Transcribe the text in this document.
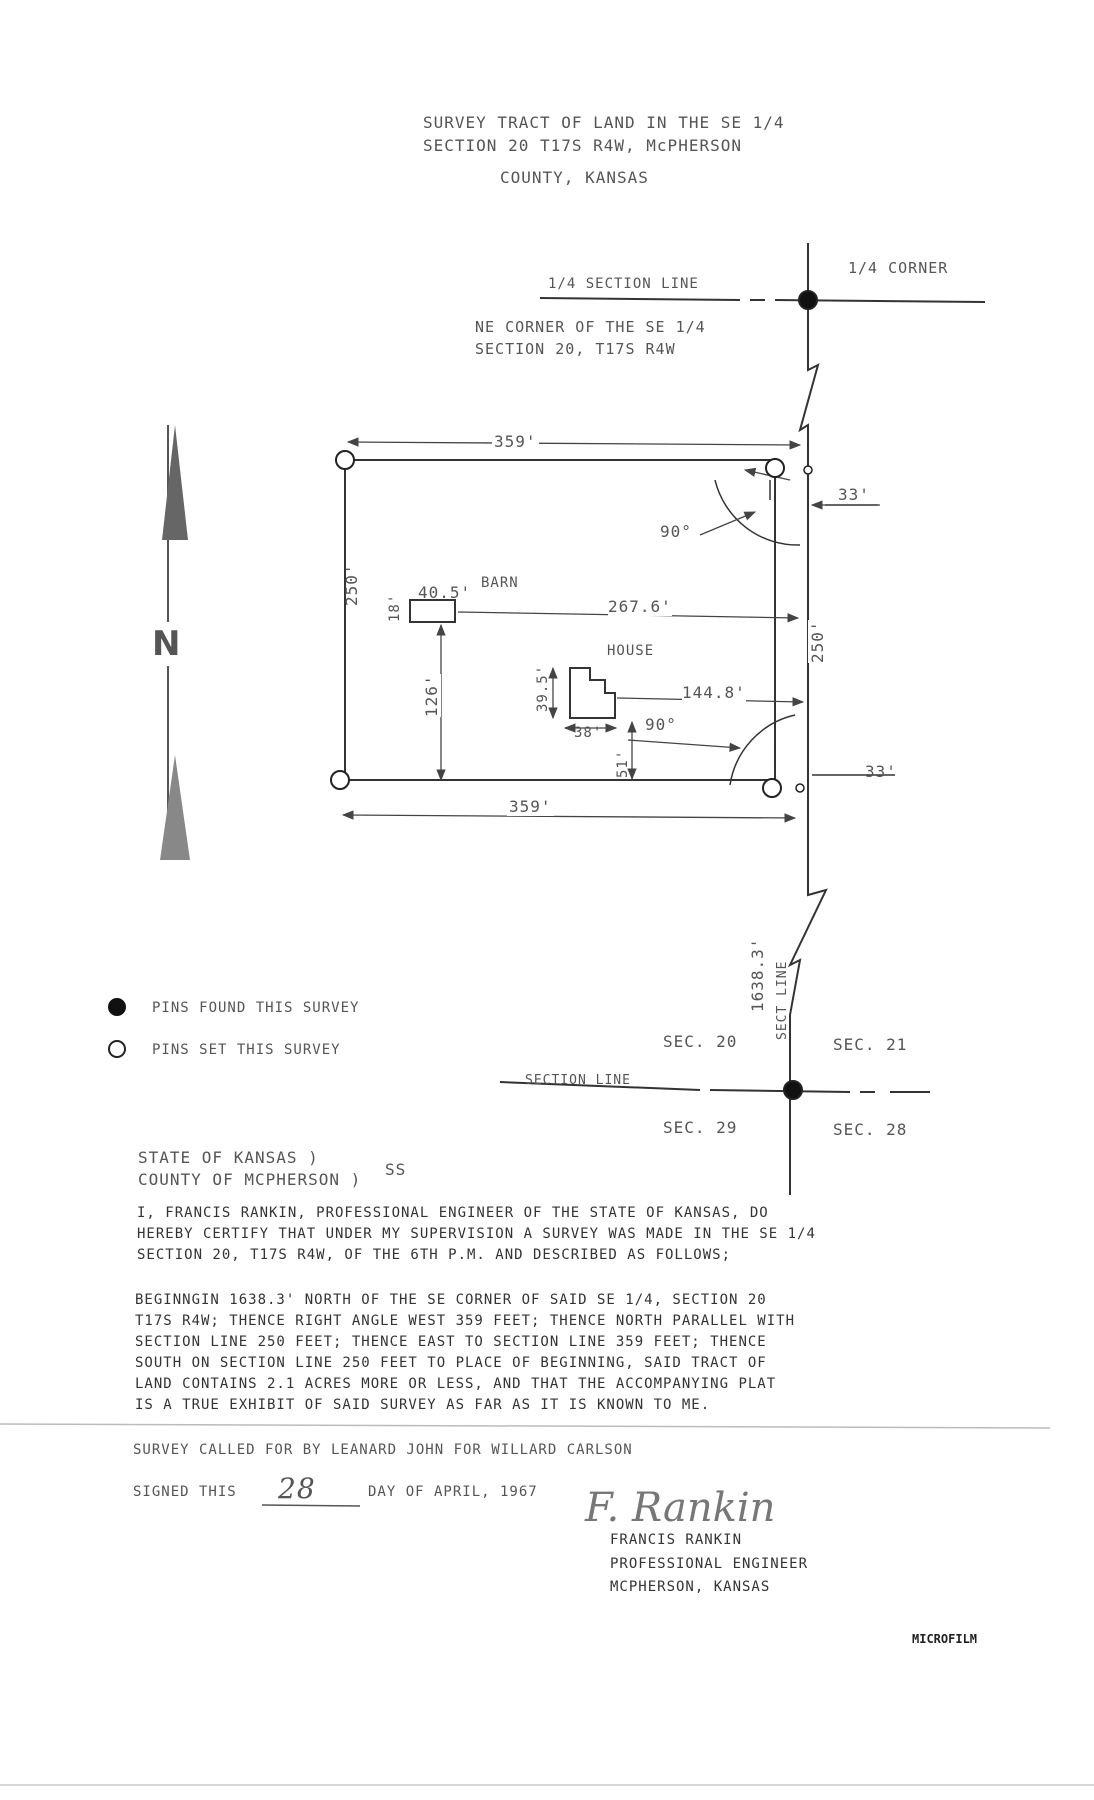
SURVEY TRACT OF LAND IN THE SE 1/4
SECTION 20 T17S R4W, McPHERSON
COUNTY, KANSAS
N
1/4 CORNER
1/4 SECTION LINE
NE CORNER OF THE SE 1/4
SECTION 20, T17S R4W
359'
359'
33'
33'
90°
90°
250'
250'
BARN
40.5'
18'	267.6'
126'
HOUSE
39.5'
38'
144.8'
51'
1638.3' SECT LINE
SECTION LINE
SEC. 20	SEC. 21
SEC. 29	SEC. 28
PINS FOUND THIS SURVEY
PINS SET THIS SURVEY
STATE OF KANSAS )
COUNTY OF MCPHERSON )
SS
I, FRANCIS RANKIN, PROFESSIONAL ENGINEER OF THE STATE OF KANSAS, DO
HEREBY CERTIFY THAT UNDER MY SUPERVISION A SURVEY WAS MADE IN THE SE 1/4
SECTION 20, T17S R4W, OF THE 6TH P.M. AND DESCRIBED AS FOLLOWS;
BEGINNGIN 1638.3' NORTH OF THE SE CORNER OF SAID SE 1/4, SECTION 20
T17S R4W; THENCE RIGHT ANGLE WEST 359 FEET; THENCE NORTH PARALLEL WITH
SECTION LINE 250 FEET; THENCE EAST TO SECTION LINE 359 FEET; THENCE
SOUTH ON SECTION LINE 250 FEET TO PLACE OF BEGINNING, SAID TRACT OF
LAND CONTAINS 2.1 ACRES MORE OR LESS, AND THAT THE ACCOMPANYING PLAT
IS A TRUE EXHIBIT OF SAID SURVEY AS FAR AS IT IS KNOWN TO ME.
SURVEY CALLED FOR BY LEANARD JOHN FOR WILLARD CARLSON
SIGNED THIS 28	DAY OF APRIL, 1967 F. Rankin
FRANCIS RANKIN
PROFESSIONAL ENGINEER
MCPHERSON, KANSAS
MICROFILM
